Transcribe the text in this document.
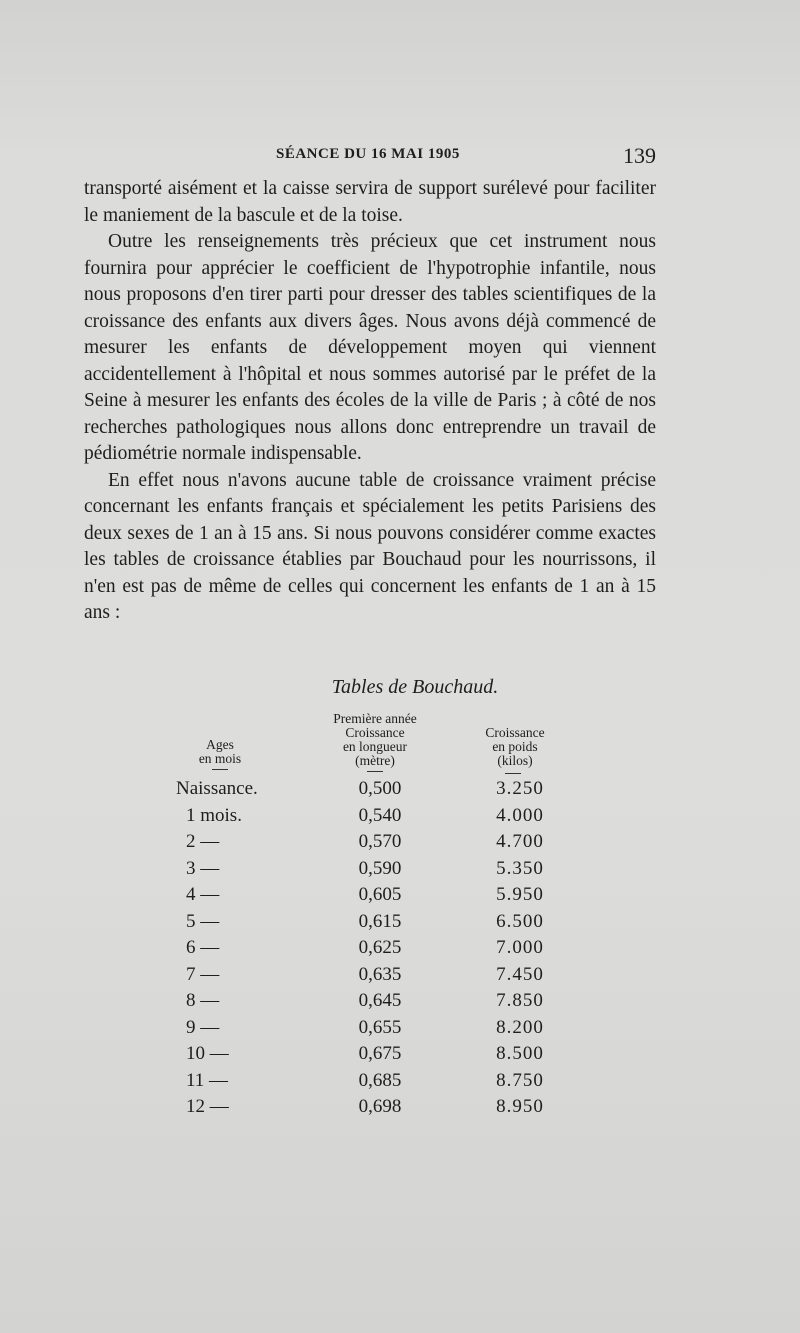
SÉANCE DU 16 MAI 1905	139

transporté aisément et la caisse servira de support surélevé pour faciliter le maniement de la bascule et de la toise.

Outre les renseignements très précieux que cet instrument nous fournira pour apprécier le coefficient de l'hypotrophie infantile, nous nous proposons d'en tirer parti pour dresser des tables scientifiques de la croissance des enfants aux divers âges. Nous avons déjà commencé de mesurer les enfants de développement moyen qui viennent accidentellement à l'hôpital et nous sommes autorisé par le préfet de la Seine à mesurer les enfants des écoles de la ville de Paris ; à côté de nos recherches pathologiques nous allons donc entreprendre un travail de pédiométrie normale indispensable.

En effet nous n'avons aucune table de croissance vraiment précise concernant les enfants français et spécialement les petits Parisiens des deux sexes de 1 an à 15 ans. Si nous pouvons considérer comme exactes les tables de croissance établies par Bouchaud pour les nourrissons, il n'en est pas de même de celles qui concernent les enfants de 1 an à 15 ans :

Tables de Bouchaud.
Ages
en mois
Première année
Croissance
en longueur
(mètre)
Croissance
en poids
(kilos)
Naissance.	0,500	3.250
1 mois.	0,540	4.000
2 —	0,570	4.700
3 —	0,590	5.350
4 —	0,605	5.950
5 —	0,615	6.500
6 —	0,625	7.000
7 —	0,635	7.450
8 —	0,645	7.850
9 —	0,655	8.200
10 —	0,675	8.500
11 —	0,685	8.750
12 —	0,698	8.950
